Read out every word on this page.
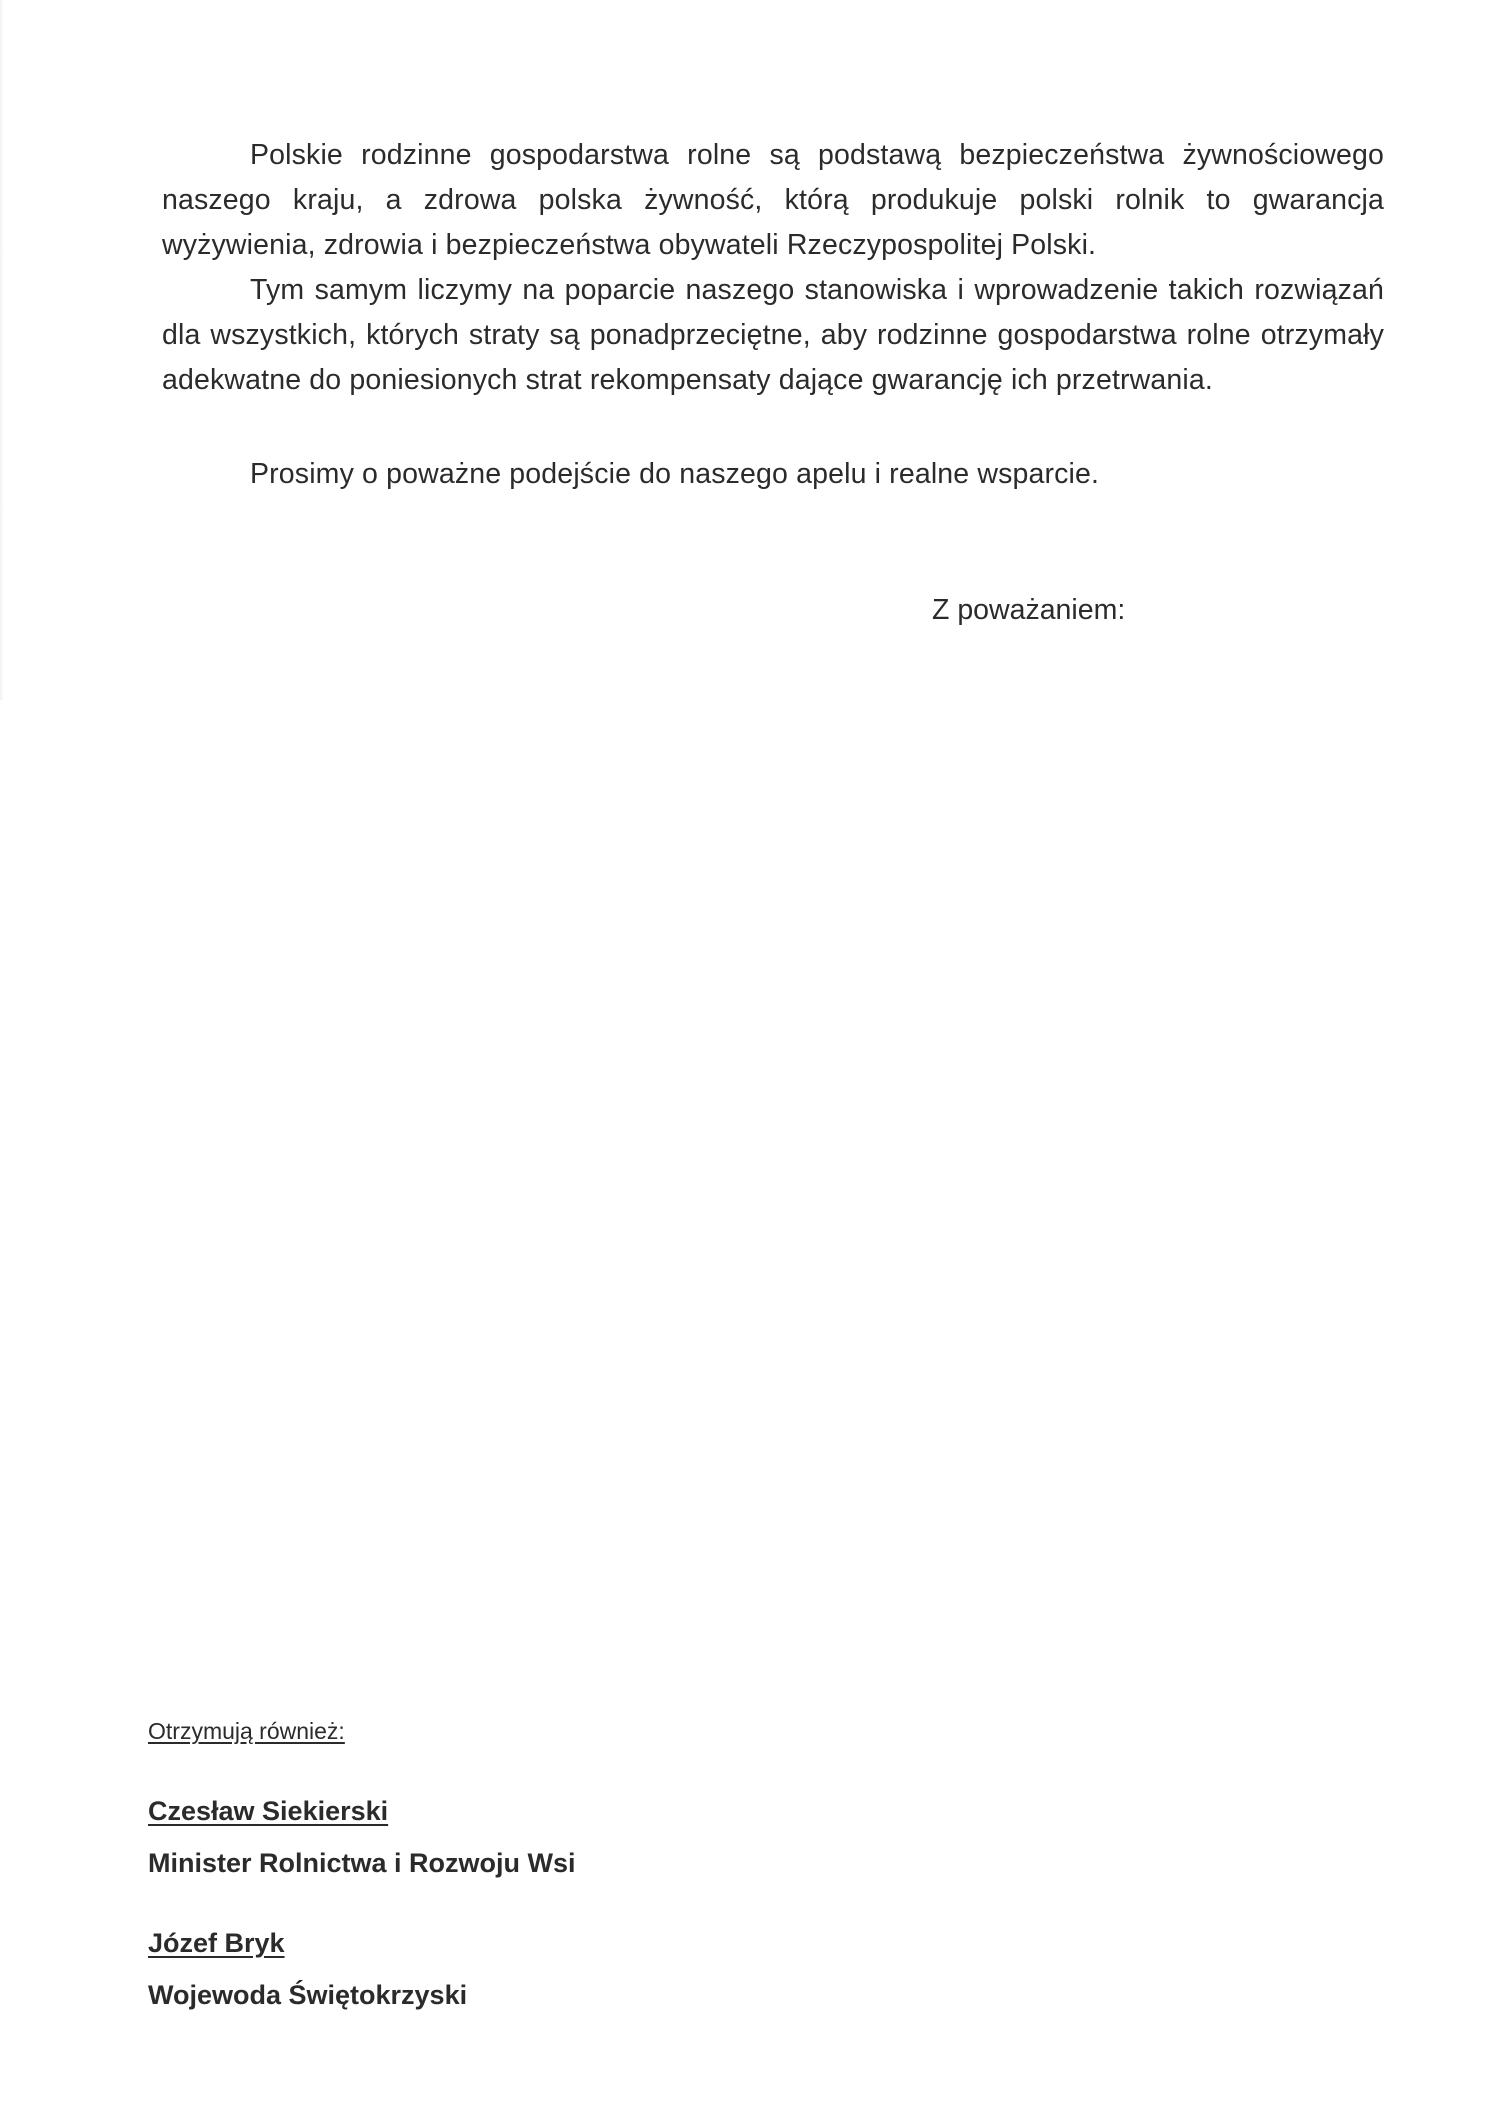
Polskie rodzinne gospodarstwa rolne są podstawą bezpieczeństwa żywnościowego naszego kraju, a zdrowa polska żywność, którą produkuje polski rolnik to gwarancja wyżywienia, zdrowia i bezpieczeństwa obywateli Rzeczypospolitej Polski.

Tym samym liczymy na poparcie naszego stanowiska i wprowadzenie takich rozwiązań dla wszystkich, których straty są ponadprzeciętne, aby rodzinne gospodarstwa rolne otrzymały adekwatne do poniesionych strat rekompensaty dające gwarancję ich przetrwania.

Prosimy o poważne podejście do naszego apelu i realne wsparcie.

Z poważaniem:

Otrzymują również:
Czesław Siekierski
Minister Rolnictwa i Rozwoju Wsi
Józef Bryk
Wojewoda Świętokrzyski
